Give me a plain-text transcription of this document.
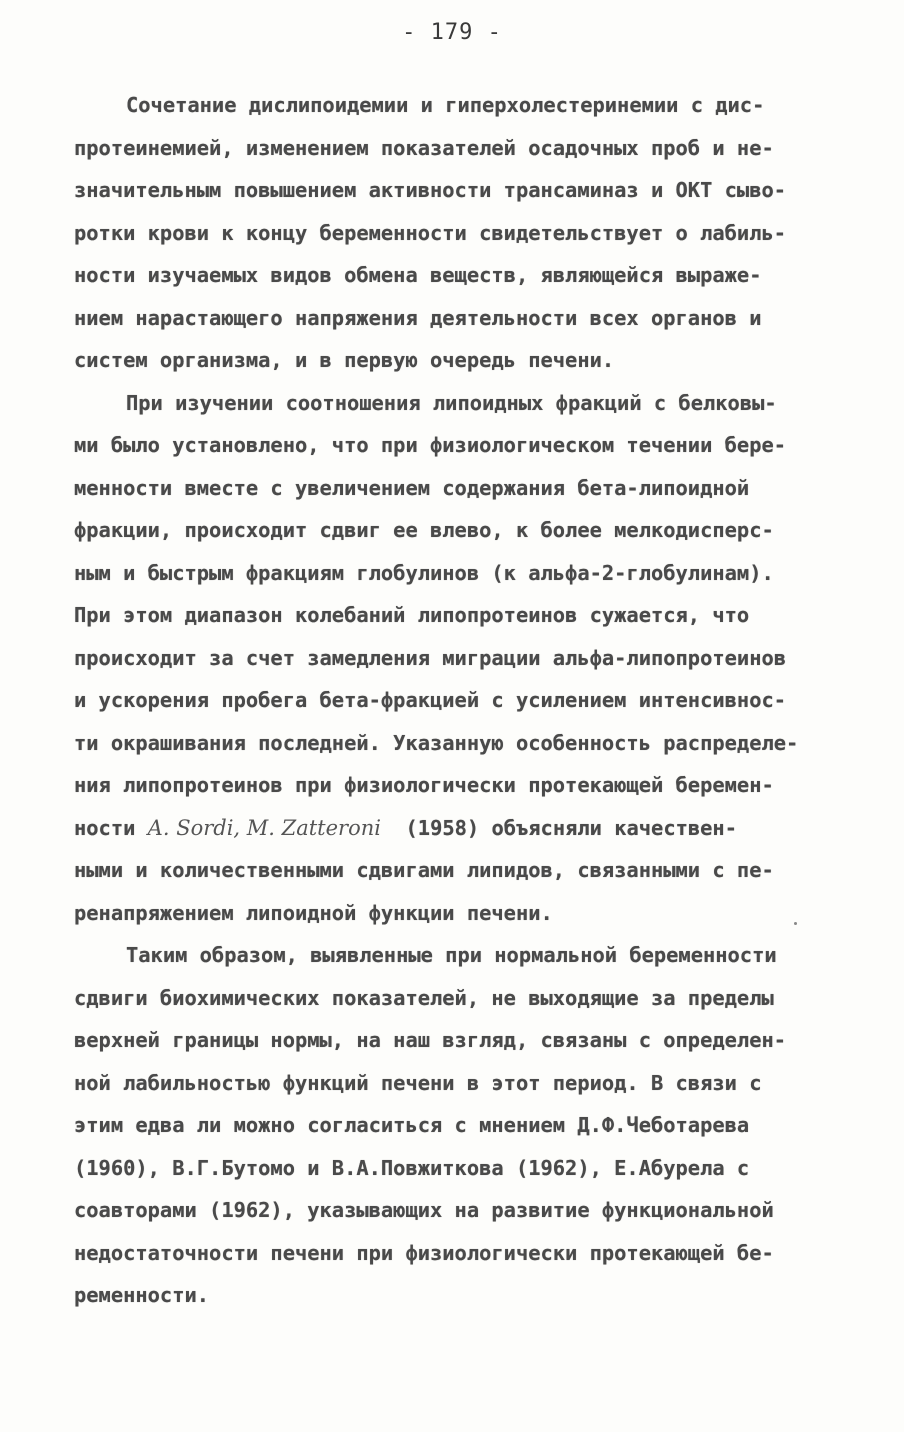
- 179 -
Сочетание дислипоидемии и гиперхолестеринемии с дис-
протеинемией, изменением показателей осадочных проб и не-
значительным повышением активности трансаминаз и ОКТ сыво-
ротки крови к концу беременности свидетельствует о лабиль-
ности изучаемых видов обмена веществ, являющейся выраже-
нием нарастающего напряжения деятельности всех органов и
систем организма, и в первую очередь печени.
При изучении соотношения липоидных фракций с белковы-
ми было установлено, что при физиологическом течении бере-
менности вместе с увеличением содержания бета-липоидной
фракции, происходит сдвиг ее влево, к более мелкодисперс-
ным и быстрым фракциям глобулинов (к альфа-2-глобулинам).
При этом диапазон колебаний липопротеинов сужается, что
происходит за счет замедления миграции альфа-липопротеинов
и ускорения пробега бета-фракцией с усилением интенсивнос-
ти окрашивания последней. Указанную особенность распределе-
ния липопротеинов при физиологически протекающей беремен-
ности A. Sordi, M. Zatteroni  (1958) объясняли качествен-
ными и количественными сдвигами липидов, связанными с пе-
ренапряжением липоидной функции печени.
Таким образом, выявленные при нормальной беременности
сдвиги биохимических показателей, не выходящие за пределы
верхней границы нормы, на наш взгляд, связаны с определен-
ной лабильностью функций печени в этот период. В связи с
этим едва ли можно согласиться с мнением Д.Ф.Чеботарева
(1960), В.Г.Бутомо и В.А.Повжиткова (1962), Е.Абурела с
соавторами (1962), указывающих на развитие функциональной
недостаточности печени при физиологически протекающей бе-
ременности.
